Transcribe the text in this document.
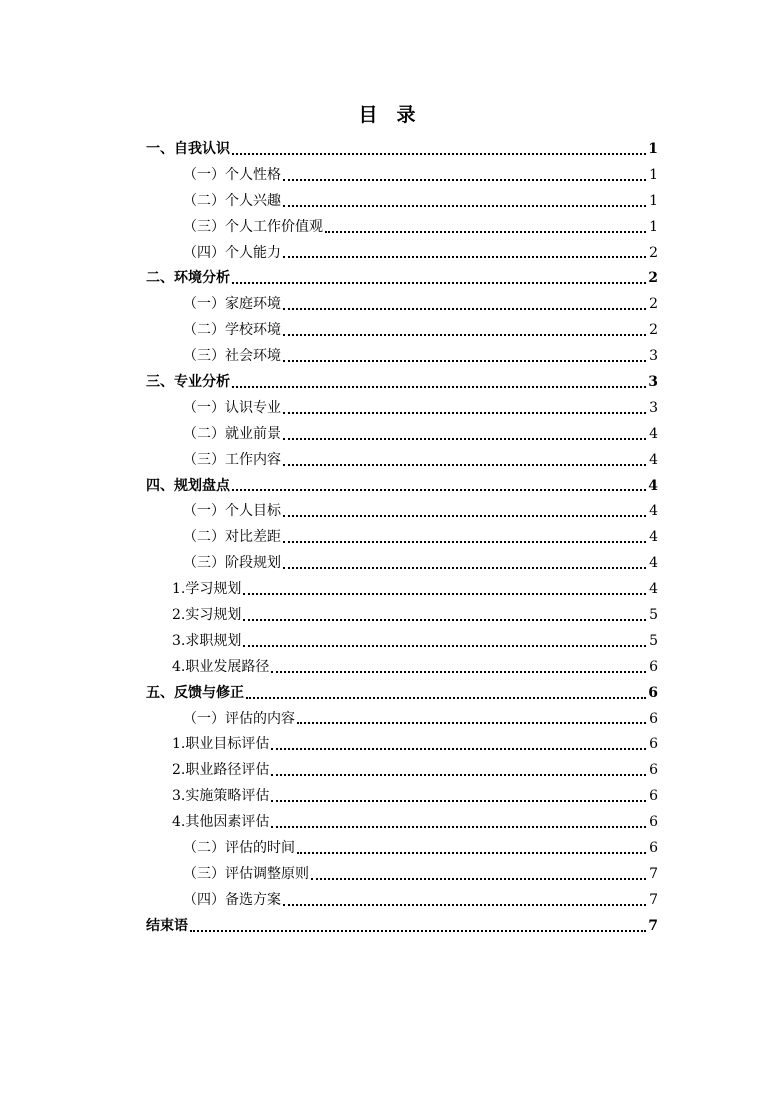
目　录
一、自我认识	1
（一）个人性格	1
（二）个人兴趣	1
（三）个人工作价值观	1
（四）个人能力	2
二、环境分析	2
（一）家庭环境	2
（二）学校环境	2
（三）社会环境	3
三、专业分析	3
（一）认识专业	3
（二）就业前景	4
（三）工作内容	4
四、规划盘点	4
（一）个人目标	4
（二）对比差距	4
（三）阶段规划	4
1.学习规划	4
2.实习规划	5
3.求职规划	5
4.职业发展路径	6
五、反馈与修正	6
（一）评估的内容	6
1.职业目标评估	6
2.职业路径评估	6
3.实施策略评估	6
4.其他因素评估	6
（二）评估的时间	6
（三）评估调整原则	7
（四）备选方案	7
结束语	7
